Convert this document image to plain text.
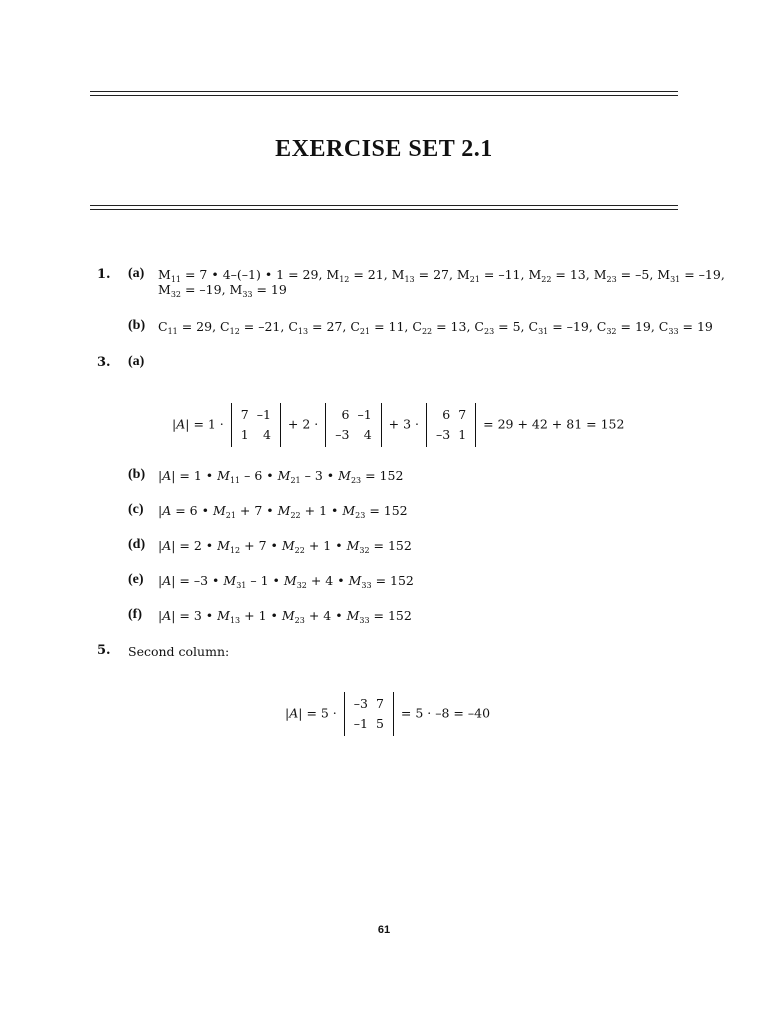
EXERCISE SET 2.1
1. (a) $M_{11} = 7$ • 4–(–1) • 1 = 29, $M_{12} = 21$, $M_{13} = 27$, $M_{21} = -11$, $M_{22} = 13$, $M_{23} = -5$, $M_{31} = -19$,
$M_{32} = -19$, $M_{33} = 19$
(b) $C_{11} = 29$, $C_{12} = -21$, $C_{13} = 27$, $C_{21} = 11$, $C_{22} = 13$, $C_{23} = 5$, $C_{31} = -19$, $C_{32} = 19$, $C_{33} = 19$
3. (a)
|A| = 1 ·
7	–1
1	4
+ 2 ·
6	–1
–3	4
+ 3 ·
6	7
–3	1
= 29 + 42 + 81 = 152
(b) |A| = 1 • $M_{11} - 6$ • $M_{21} - 3$ • $M_{23} = 152$
(c) |A = 6 • $M_{21} + 7$ • $M_{22} + 1$ • $M_{23} = 152$
(d) |A| = 2 • $M_{12} + 7$ • $M_{22} + 1$ • $M_{32} = 152$
(e) |A| = –3 • $M_{31} - 1$ • $M_{32} + 4$ • $M_{33} = 152$
(f) |A| = 3 • $M_{13} + 1$ • $M_{23} + 4$ • $M_{33} = 152$
5. Second column:
|A| = 5 ·
–3	7
–1	5
= 5 · –8 = –40
61
